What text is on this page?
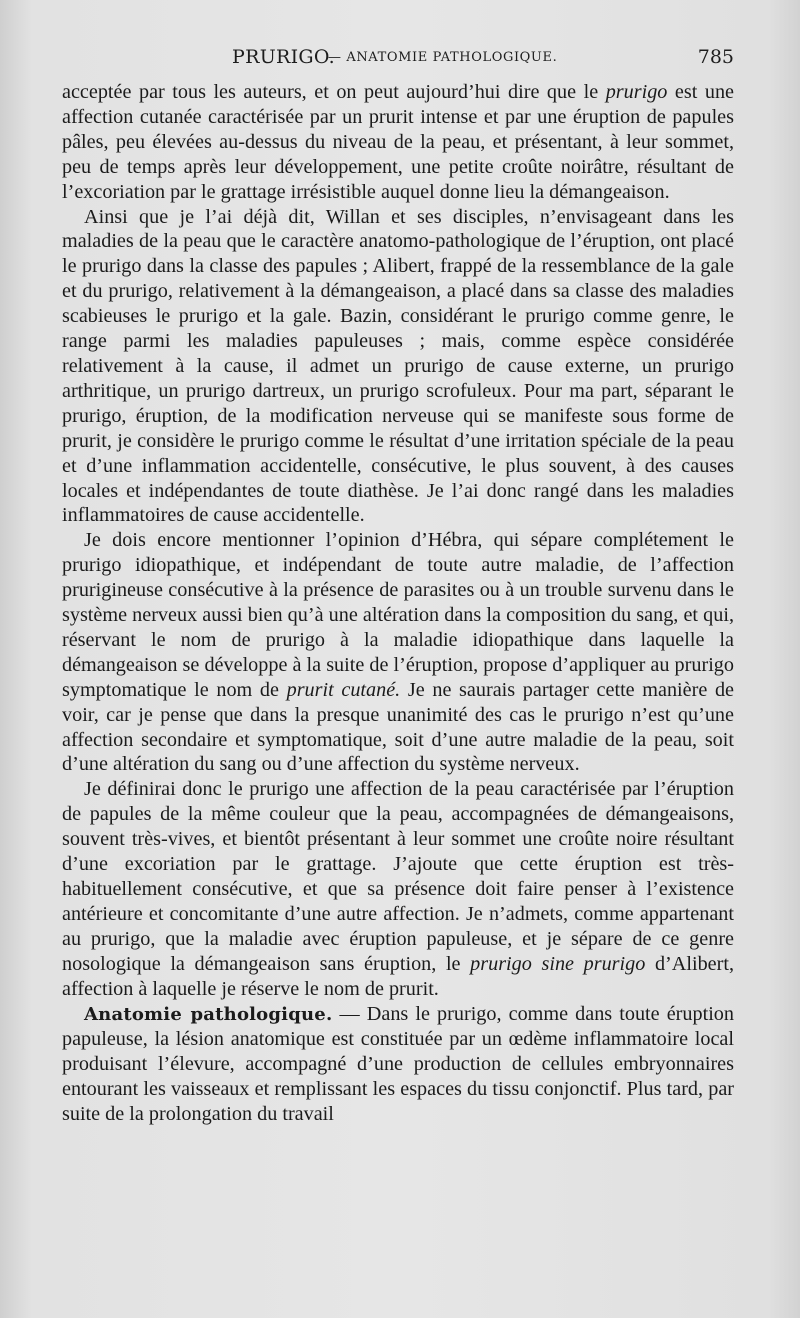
PRURIGO.
— ANATOMIE PATHOLOGIQUE.	785

acceptée par tous les auteurs, et on peut aujourd’hui dire que le prurigo est une affection cutanée caractérisée par un prurit intense et par une éruption de papules pâles, peu élevées au-dessus du niveau de la peau, et présentant, à leur sommet, peu de temps après leur développement, une petite croûte noirâtre, résultant de l’excoriation par le grattage irrésistible auquel donne lieu la démangeaison.

Ainsi que je l’ai déjà dit, Willan et ses disciples, n’envisageant dans les maladies de la peau que le caractère anatomo-pathologique de l’éruption, ont placé le prurigo dans la classe des papules ; Alibert, frappé de la ressemblance de la gale et du prurigo, relativement à la démangeaison, a placé dans sa classe des maladies scabieuses le prurigo et la gale. Bazin, considérant le prurigo comme genre, le range parmi les maladies papuleuses ; mais, comme espèce considérée relativement à la cause, il admet un prurigo de cause externe, un prurigo arthritique, un prurigo dartreux, un prurigo scrofuleux. Pour ma part, séparant le prurigo, éruption, de la modification nerveuse qui se manifeste sous forme de prurit, je considère le prurigo comme le résultat d’une irritation spéciale de la peau et d’une inflammation accidentelle, consécutive, le plus souvent, à des causes locales et indépendantes de toute diathèse. Je l’ai donc rangé dans les maladies inflammatoires de cause accidentelle.

Je dois encore mentionner l’opinion d’Hébra, qui sépare complétement le prurigo idiopathique, et indépendant de toute autre maladie, de l’affection prurigineuse consécutive à la présence de parasites ou à un trouble survenu dans le système nerveux aussi bien qu’à une altération dans la composition du sang, et qui, réservant le nom de prurigo à la maladie idiopathique dans laquelle la démangeaison se développe à la suite de l’éruption, propose d’appliquer au prurigo symptomatique le nom de prurit cutané. Je ne saurais partager cette manière de voir, car je pense que dans la presque unanimité des cas le prurigo n’est qu’une affection secondaire et symptomatique, soit d’une autre maladie de la peau, soit d’une altération du sang ou d’une affection du système nerveux.

Je définirai donc le prurigo une affection de la peau caractérisée par l’éruption de papules de la même couleur que la peau, accompagnées de démangeaisons, souvent très-vives, et bientôt présentant à leur sommet une croûte noire résultant d’une excoriation par le grattage. J’ajoute que cette éruption est très-habituellement consécutive, et que sa présence doit faire penser à l’existence antérieure et concomitante d’une autre affection. Je n’admets, comme appartenant au prurigo, que la maladie avec éruption papuleuse, et je sépare de ce genre nosologique la démangeaison sans éruption, le prurigo sine prurigo d’Alibert, affection à laquelle je réserve le nom de prurit.

Anatomie pathologique. — Dans le prurigo, comme dans toute éruption papuleuse, la lésion anatomique est constituée par un œdème inflammatoire local produisant l’élevure, accompagné d’une production de cellules embryonnaires entourant les vaisseaux et remplissant les espaces du tissu conjonctif. Plus tard, par suite de la prolongation du travail
